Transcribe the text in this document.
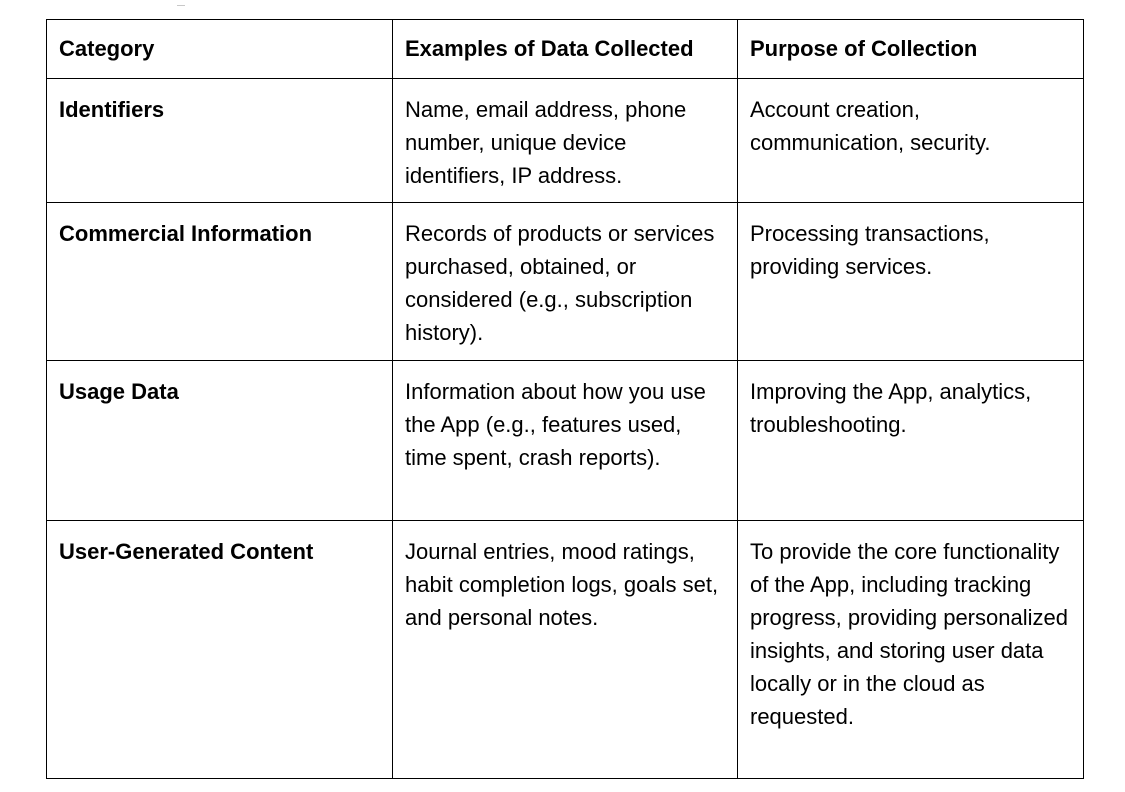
Category	Examples of Data Collected	Purpose of Collection
Identifiers	Name, email address, phone number, unique device identifiers, IP address.	Account creation, communication, security.
Commercial Information	Records of products or services purchased, obtained, or considered (e.g., subscription history).	Processing transactions, providing services.
Usage Data	Information about how you use the App (e.g., features used, time spent, crash reports).	Improving the App, analytics, troubleshooting.
User-Generated Content	Journal entries, mood ratings, habit completion logs, goals set, and personal notes.	To provide the core functionality of the App, including tracking progress, providing personalized insights, and storing user data locally or in the cloud as requested.
